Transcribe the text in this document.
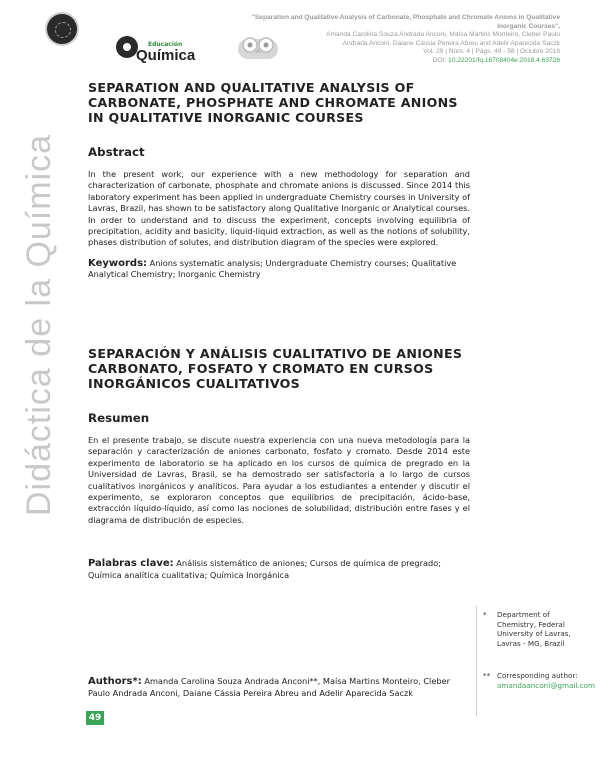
Educación
Química
"Separation and Qualitative Analysis of Carbonate, Phosphate and Chromate Anions in Qualitative Inorganic Courses",
Amanda Carolina Souza Andrada Anconi, Maísa Martins Monteiro, Cleber Paulo
Andrada Anconi, Daiane Cássia Pereira Abreu and Adelir Aparecida Saczk
Vol. 29 | Núm. 4 | Págs. 49 - 58 | Octubre 2018
DOI: 10.22201/fq.18708404e.2018.4.63726
Didáctica de la Química
SEPARATION AND QUALITATIVE ANALYSIS OF CARBONATE, PHOSPHATE AND CHROMATE ANIONS IN QUALITATIVE INORGANIC COURSES
Abstract
In the present work, our experience with a new methodology for separation and characterization of carbonate, phosphate and chromate anions is discussed. Since 2014 this laboratory experiment has been applied in undergraduate Chemistry courses in University of Lavras, Brazil, has shown to be satisfactory along Qualitative Inorganic or Analytical courses. In order to understand and to discuss the experiment, concepts involving equilibria of precipitation, acidity and basicity, liquid-liquid extraction, as well as the notions of solubility, phases distribution of solutes, and distribution diagram of the species were explored.
Keywords: Anions systematic analysis; Undergraduate Chemistry courses; Qualitative Analytical Chemistry; Inorganic Chemistry
SEPARACIÓN Y ANÁLISIS CUALITATIVO DE ANIONES CARBONATO, FOSFATO Y CROMATO EN CURSOS INORGÁNICOS CUALITATIVOS
Resumen
En el presente trabajo, se discute nuestra experiencia con una nueva metodología para la separación y caracterización de aniones carbonato, fosfato y cromato. Desde 2014 este experimento de laboratorio se ha aplicado en los cursos de química de pregrado en la Universidad de Lavras, Brasil, se ha demostrado ser satisfactoria a lo largo de cursos cualitativos inorgánicos y analíticos. Para ayudar a los estudiantes a entender y discutir el experimento, se exploraron conceptos que equilibrios de precipitación, ácido-base, extracción líquido-líquido, así como las nociones de solubilidad, distribución entre fases y el diagrama de distribución de especies.
Palabras clave: Análisis sistemático de aniones; Cursos de química de pregrado; Química analítica cualitativa; Química Inorgánica
* Department of Chemistry, Federal University of Lavras, Lavras - MG, Brazil
** Corresponding author:
amandaanconi@gmail.com
Authors*: Amanda Carolina Souza Andrada Anconi**, Maísa Martins Monteiro, Cleber Paulo Andrada Anconi, Daiane Cássia Pereira Abreu and Adelir Aparecida Saczk
49
